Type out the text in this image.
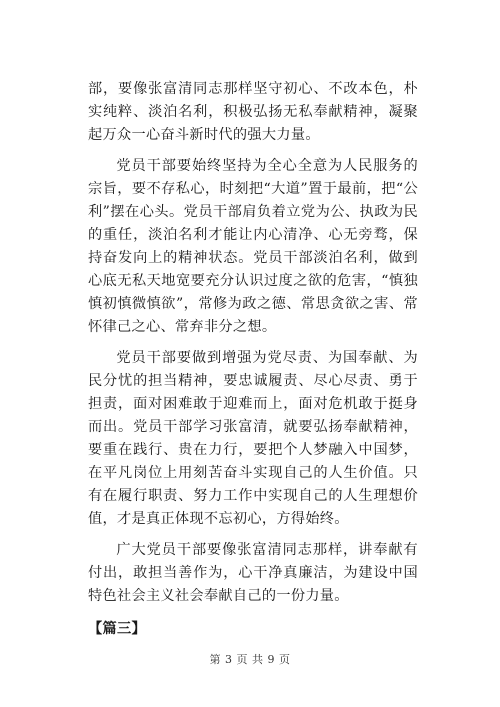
部，要像张富清同志那样坚守初心、不改本色，朴实纯粹、淡泊名利，积极弘扬无私奉献精神，凝聚起万众一心奋斗新时代的强大力量。

党员干部要始终坚持为全心全意为人民服务的宗旨，要不存私心，时刻把“大道”置于最前，把“公利”摆在心头。党员干部肩负着立党为公、执政为民的重任，淡泊名利才能让内心清净、心无旁骛，保持奋发向上的精神状态。党员干部淡泊名利，做到心底无私天地宽要充分认识过度之欲的危害，“慎独慎初慎微慎欲”，常修为政之德、常思贪欲之害、常怀律己之心、常弃非分之想。

党员干部要做到增强为党尽责、为国奉献、为民分忧的担当精神，要忠诚履责、尽心尽责、勇于担责，面对困难敢于迎难而上，面对危机敢于挺身而出。党员干部学习张富清，就要弘扬奉献精神，要重在践行、贵在力行，要把个人梦融入中国梦，在平凡岗位上用刻苦奋斗实现自己的人生价值。只有在履行职责、努力工作中实现自己的人生理想价值，才是真正体现不忘初心，方得始终。

广大党员干部要像张富清同志那样，讲奉献有付出，敢担当善作为，心干净真廉洁，为建设中国特色社会主义社会奉献自己的一份力量。

【篇三】

第 3 页 共 9 页
